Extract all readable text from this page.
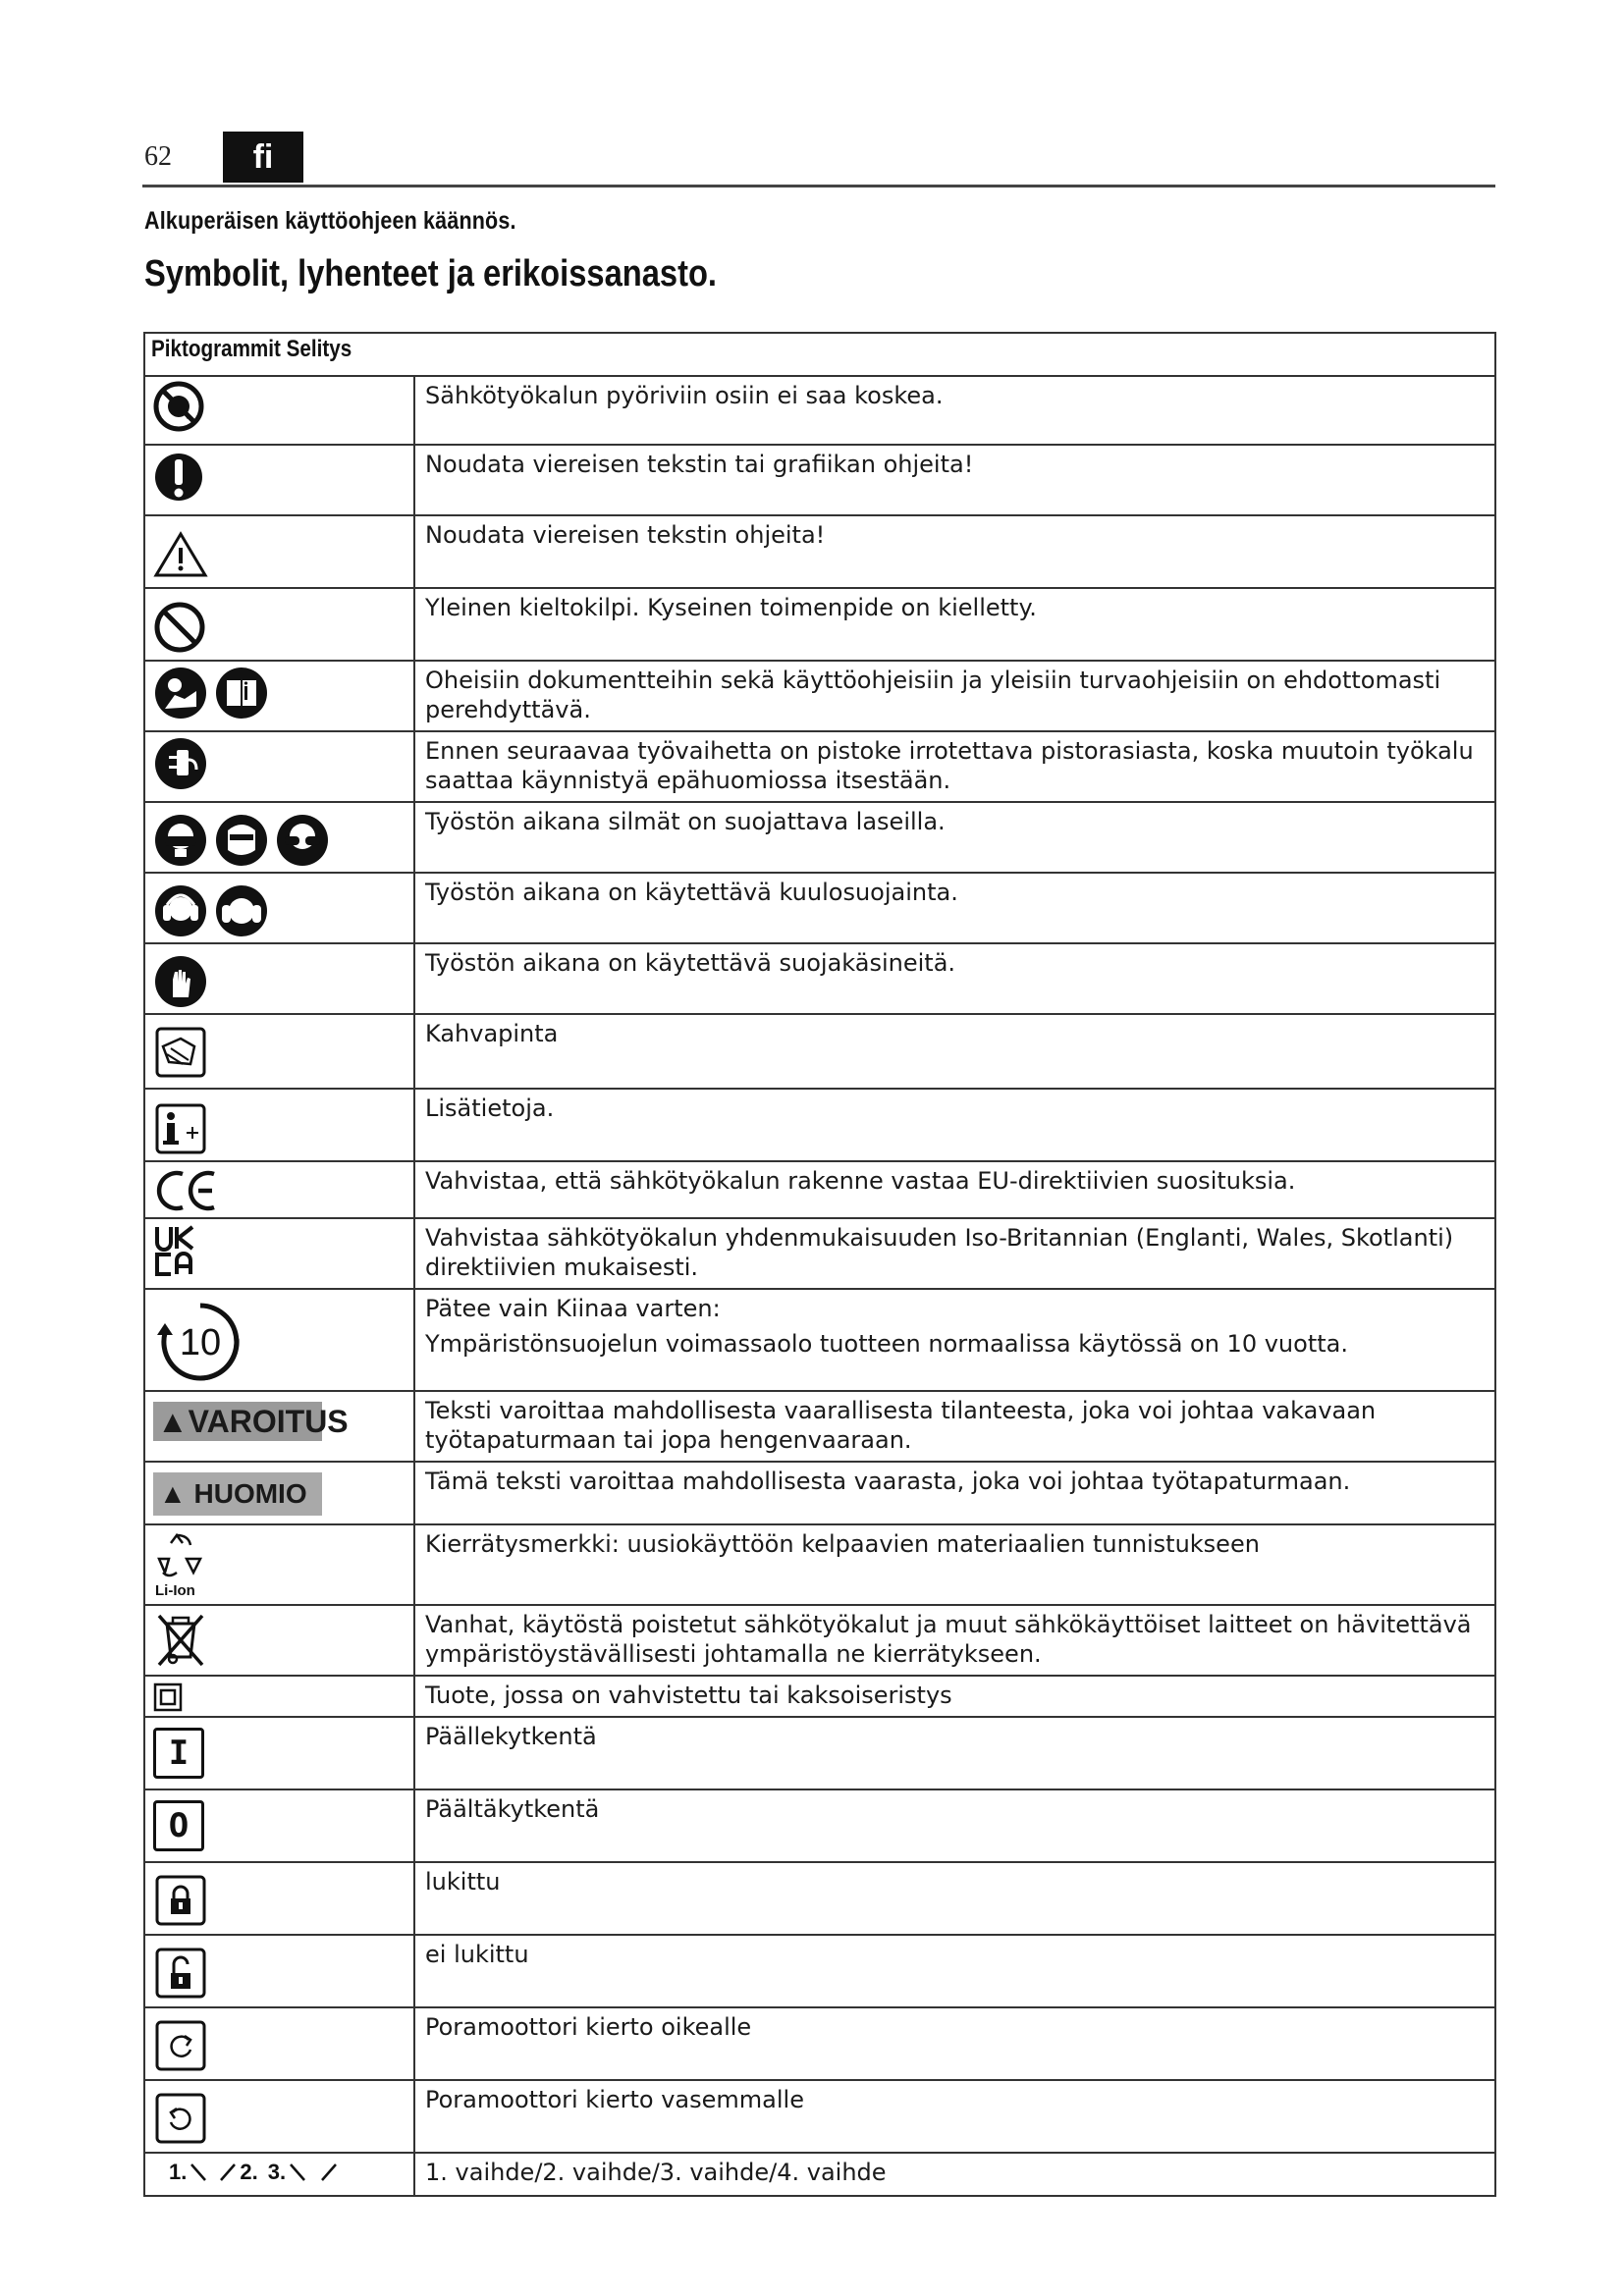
62	fi
Alkuperäisen käyttöohjeen käännös.
Symbolit, lyhenteet ja erikoissanasto.
Piktogrammit Selitys	

Sähkötyökalun pyöriviin osiin ei saa koskea.

Noudata viereisen tekstin tai grafiikan ohjeita!

Noudata viereisen tekstin ohjeita!

Yleinen kieltokilpi. Kyseinen toimenpide on kielletty.

Oheisiin dokumentteihin sekä käyttöohjeisiin ja yleisiin turvaohjeisiin on ehdottomasti
perehdyttävä.

Ennen seuraavaa työvaihetta on pistoke irrotettava pistorasiasta, koska muutoin työkalu
saattaa käynnistyä epähuomiossa itsestään.

Työstön aikana silmät on suojattava laseilla.

Työstön aikana on käytettävä kuulosuojainta.

Työstön aikana on käytettävä suojakäsineitä.

Kahvapinta

Lisätietoja.

Vahvistaa, että sähkötyökalun rakenne vastaa EU-direktiivien suosituksia.

Vahvistaa sähkötyökalun yhdenmukaisuuden Iso-Britannian (Englanti, Wales, Skotlanti)
direktiivien mukaisesti.

10	Pätee vain Kiinaa varten:
Ympäristönsuojelun voimassaolo tuotteen normaalissa käytössä on 10 vuotta.

▲VAROITUS	Teksti varoittaa mahdollisesta vaarallisesta tilanteesta, joka voi johtaa vakavaan
työtapaturmaan tai jopa hengenvaaraan.

▲ HUOMIO	Tämä teksti varoittaa mahdollisesta vaarasta, joka voi johtaa työtapaturmaan.

Li-Ion	Kierrätysmerkki: uusiokäyttöön kelpaavien materiaalien tunnistukseen

Vanhat, käytöstä poistetut sähkötyökalut ja muut sähkökäyttöiset laitteet on hävitettävä
ympäristöystävällisesti johtamalla ne kierrätykseen.

Tuote, jossa on vahvistettu tai kaksoiseristys

I	Päällekytkentä

O	Päältäkytkentä

lukittu

ei lukittu

Poramoottori kierto oikealle

Poramoottori kierto vasemmalle

1. 2. 3.	1. vaihde/2. vaihde/3. vaihde/4. vaihde
